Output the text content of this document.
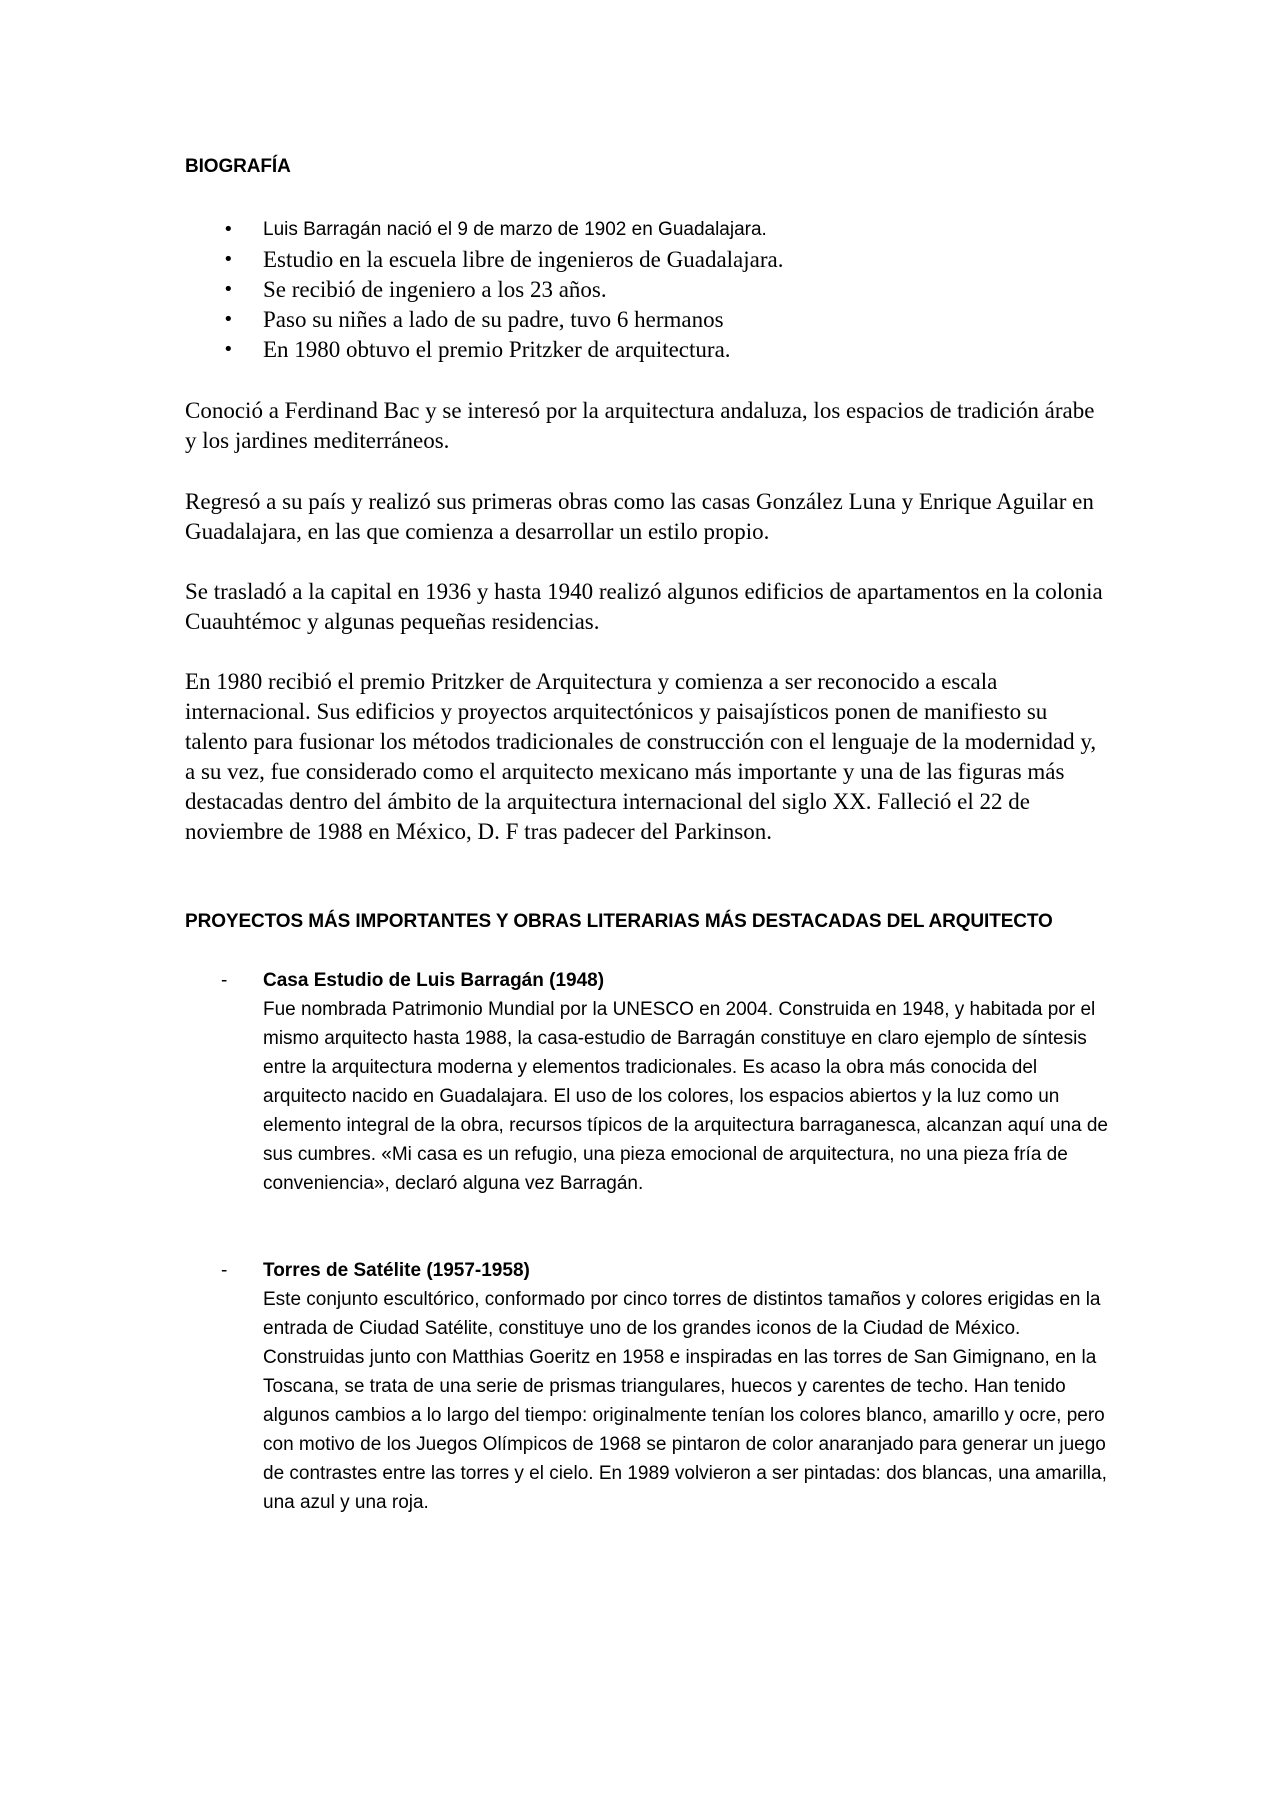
BIOGRAFÍA
• Luis Barragán nació el 9 de marzo de 1902 en Guadalajara.
• Estudio en la escuela libre de ingenieros de Guadalajara.
• Se recibió de ingeniero a los 23 años.
• Paso su niñes a lado de su padre, tuvo 6 hermanos
• En 1980 obtuvo el premio Pritzker de arquitectura.

Conoció a Ferdinand Bac y se interesó por la arquitectura andaluza, los espacios de tradición árabe y los jardines mediterráneos.

Regresó a su país y realizó sus primeras obras como las casas González Luna y Enrique Aguilar en Guadalajara, en las que comienza a desarrollar un estilo propio.

Se trasladó a la capital en 1936 y hasta 1940 realizó algunos edificios de apartamentos en la colonia Cuauhtémoc y algunas pequeñas residencias.

En 1980 recibió el premio Pritzker de Arquitectura y comienza a ser reconocido a escala internacional. Sus edificios y proyectos arquitectónicos y paisajísticos ponen de manifiesto su talento para fusionar los métodos tradicionales de construcción con el lenguaje de la modernidad y, a su vez, fue considerado como el arquitecto mexicano más importante y una de las figuras más destacadas dentro del ámbito de la arquitectura internacional del siglo XX. Falleció el 22 de noviembre de 1988 en México, D. F tras padecer del Parkinson.

PROYECTOS MÁS IMPORTANTES Y OBRAS LITERARIAS MÁS DESTACADAS DEL ARQUITECTO
- Casa Estudio de Luis Barragán (1948)

Fue nombrada Patrimonio Mundial por la UNESCO en 2004. Construida en 1948, y habitada por el mismo arquitecto hasta 1988, la casa-estudio de Barragán constituye en claro ejemplo de síntesis entre la arquitectura moderna y elementos tradicionales. Es acaso la obra más conocida del arquitecto nacido en Guadalajara. El uso de los colores, los espacios abiertos y la luz como un elemento integral de la obra, recursos típicos de la arquitectura barraganesca, alcanzan aquí una de sus cumbres. «Mi casa es un refugio, una pieza emocional de arquitectura, no una pieza fría de conveniencia», declaró alguna vez Barragán.

- Torres de Satélite (1957-1958)

Este conjunto escultórico, conformado por cinco torres de distintos tamaños y colores erigidas en la entrada de Ciudad Satélite, constituye uno de los grandes iconos de la Ciudad de México. Construidas junto con Matthias Goeritz en 1958 e inspiradas en las torres de San Gimignano, en la Toscana, se trata de una serie de prismas triangulares, huecos y carentes de techo. Han tenido algunos cambios a lo largo del tiempo: originalmente tenían los colores blanco, amarillo y ocre, pero con motivo de los Juegos Olímpicos de 1968 se pintaron de color anaranjado para generar un juego de contrastes entre las torres y el cielo. En 1989 volvieron a ser pintadas: dos blancas, una amarilla, una azul y una roja.
